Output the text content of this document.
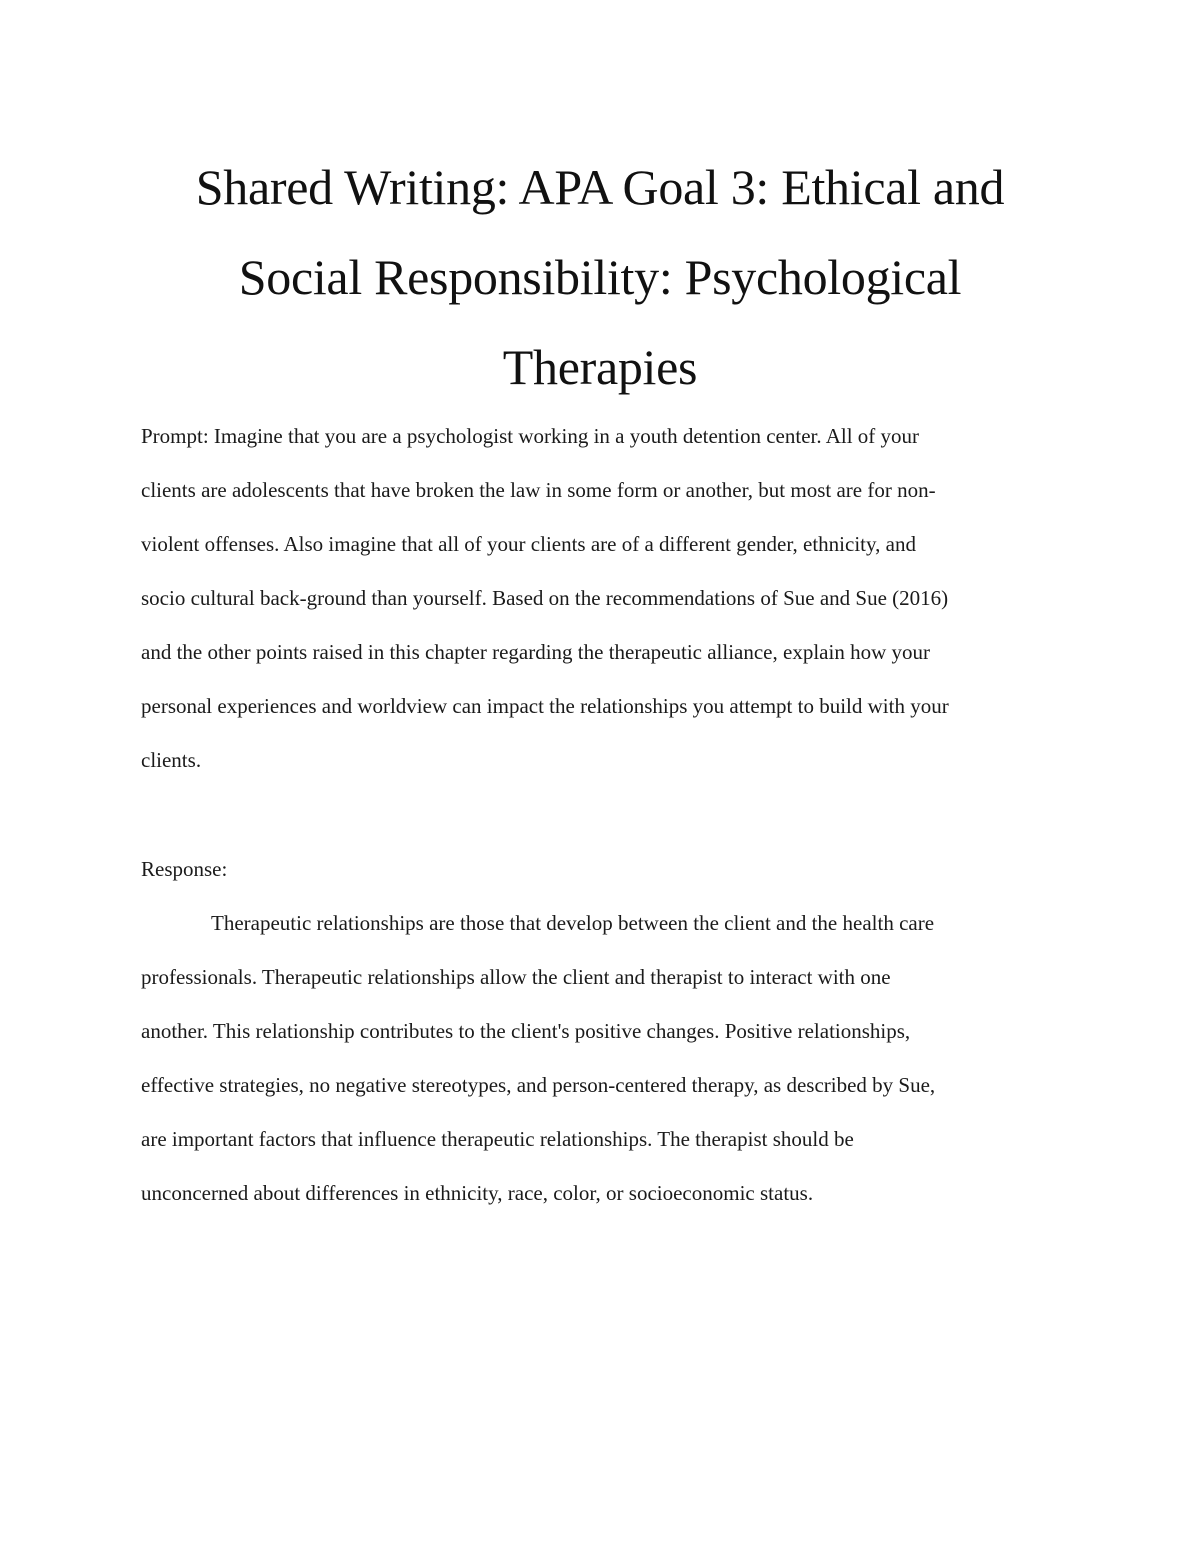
Shared Writing: APA Goal 3: Ethical and
Social Responsibility: Psychological
Therapies

Prompt: Imagine that you are a psychologist working in a youth detention center. All of your

clients are adolescents that have broken the law in some form or another, but most are for non-

violent offenses. Also imagine that all of your clients are of a different gender, ethnicity, and

socio cultural back-ground than yourself. Based on the recommendations of Sue and Sue (2016)

and the other points raised in this chapter regarding the therapeutic alliance, explain how your

personal experiences and worldview can impact the relationships you attempt to build with your

clients.

Response:

Therapeutic relationships are those that develop between the client and the health care

professionals. Therapeutic relationships allow the client and therapist to interact with one

another. This relationship contributes to the client's positive changes. Positive relationships,

effective strategies, no negative stereotypes, and person-centered therapy, as described by Sue,

are important factors that influence therapeutic relationships. The therapist should be

unconcerned about differences in ethnicity, race, color, or socioeconomic status.
